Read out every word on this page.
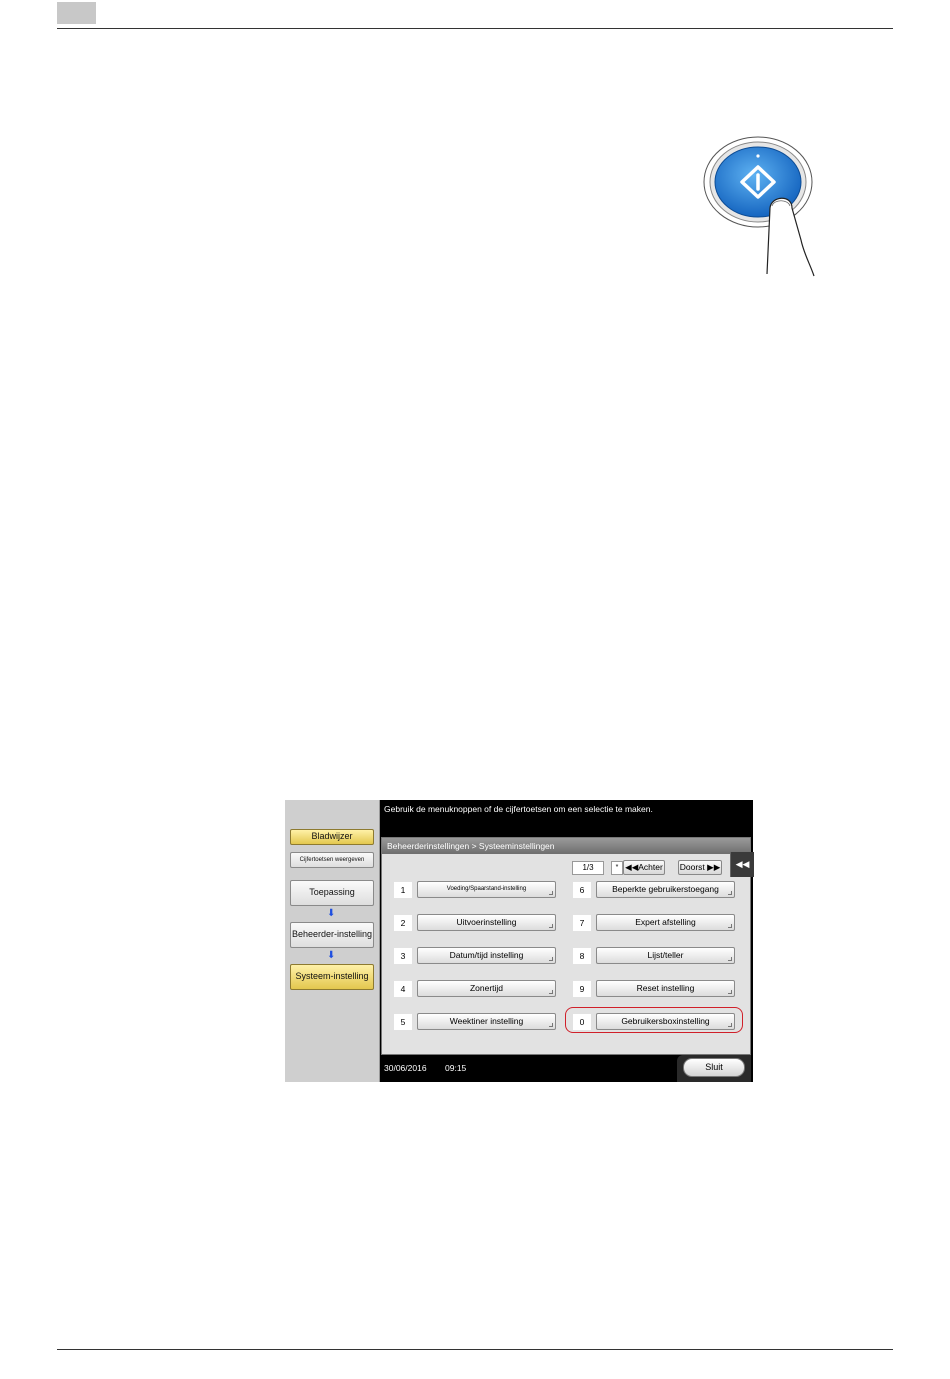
Bladwijzer
Cijfertoetsen weergeven
Toepassing
⬇
Beheerder-instelling
⬇
Systeem-instelling
Gebruik de menuknoppen of de cijfertoetsen om een selectie te maken.
Beheerderinstellingen > Systeeminstellingen
1/3	* ◀◀Achter Doorst ▶▶
1	Voeding/Spaarstand-instelling
2	Uitvoerinstelling
3	Datum/tijd instelling
4	Zonertijd
5	Weektiner instelling
6	Beperkte gebruikerstoegang
7	Expert afstelling
8	Lijst/teller
9	Reset instelling
0	Gebruikersboxinstelling
◀◀
30/06/2016 09:15	Sluit
